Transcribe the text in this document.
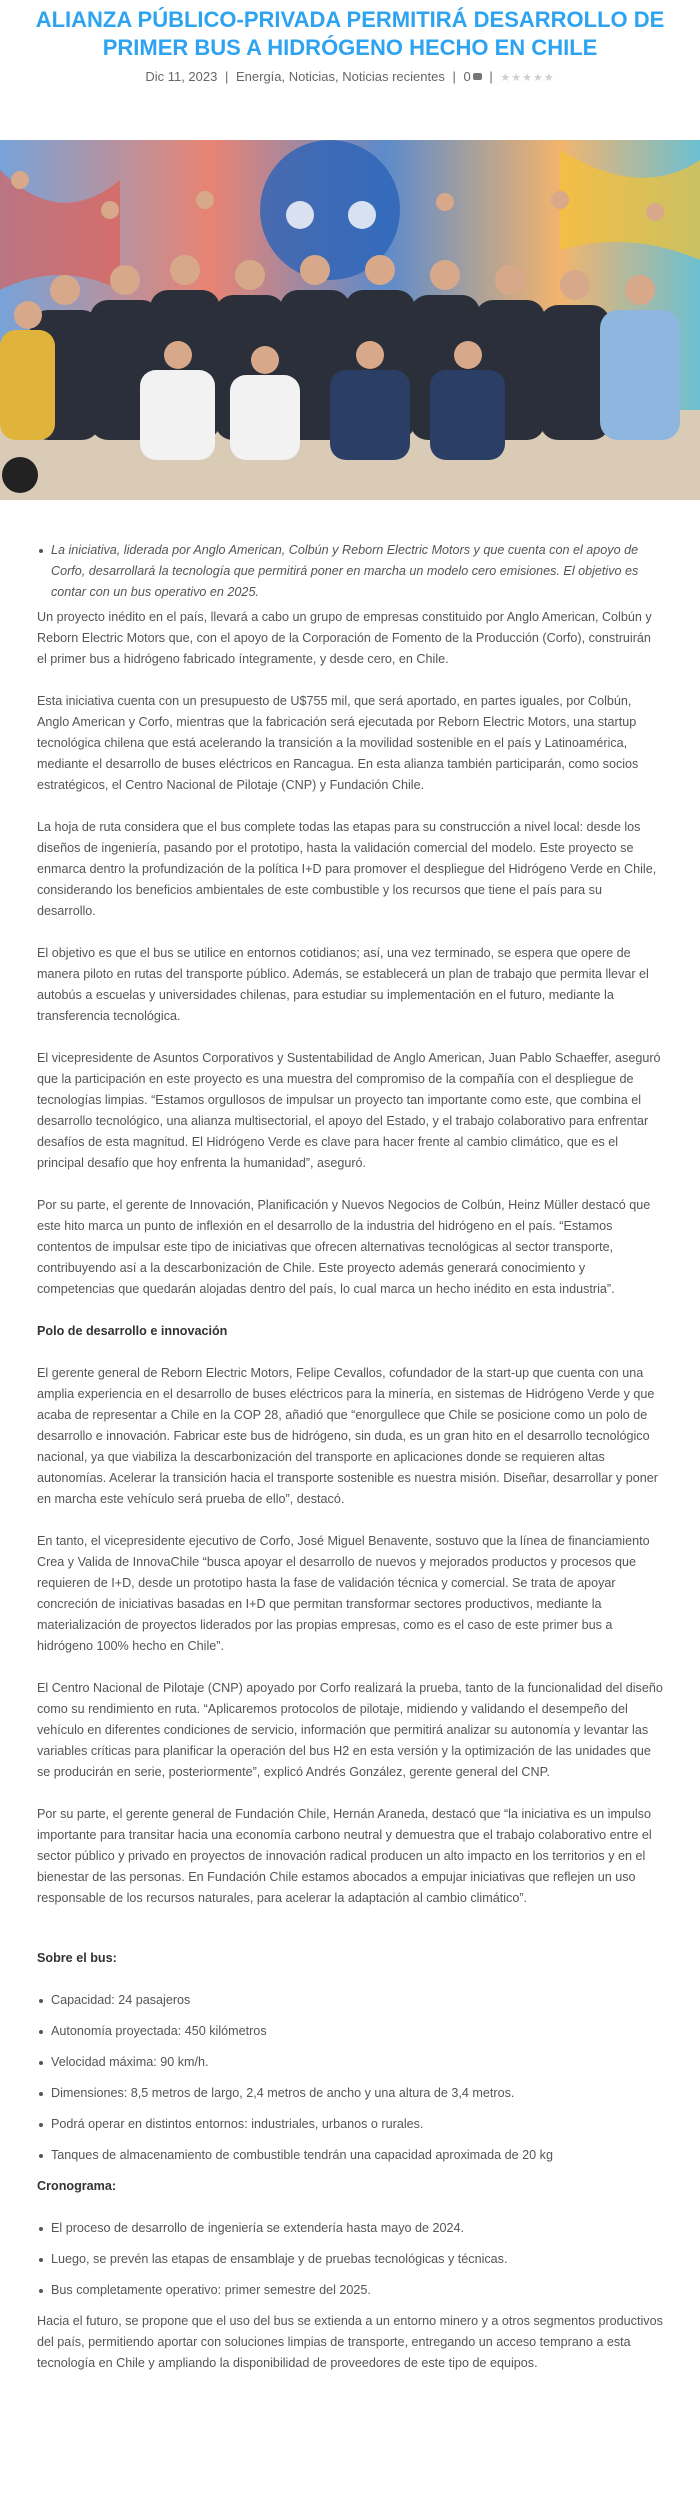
ALIANZA PÚBLICO-PRIVADA PERMITIRÁ DESARROLLO DE PRIMER BUS A HIDRÓGENO HECHO EN CHILE
Dic 11, 2023 | Energía, Noticias, Noticias recientes | 0 | ★★★★★
La iniciativa, liderada por Anglo American, Colbún y Reborn Electric Motors y que cuenta con el apoyo de Corfo, desarrollará la tecnología que permitirá poner en marcha un modelo cero emisiones. El objetivo es contar con un bus operativo en 2025.

Un proyecto inédito en el país, llevará a cabo un grupo de empresas constituido por Anglo American, Colbún y Reborn Electric Motors que, con el apoyo de la Corporación de Fomento de la Producción (Corfo), construirán el primer bus a hidrógeno fabricado íntegramente, y desde cero, en Chile.

Esta iniciativa cuenta con un presupuesto de U$755 mil, que será aportado, en partes iguales, por Colbún, Anglo American y Corfo, mientras que la fabricación será ejecutada por Reborn Electric Motors, una startup tecnológica chilena que está acelerando la transición a la movilidad sostenible en el país y Latinoamérica, mediante el desarrollo de buses eléctricos en Rancagua. En esta alianza también participarán, como socios estratégicos, el Centro Nacional de Pilotaje (CNP) y Fundación Chile.

La hoja de ruta considera que el bus complete todas las etapas para su construcción a nivel local: desde los diseños de ingeniería, pasando por el prototipo, hasta la validación comercial del modelo. Este proyecto se enmarca dentro la profundización de la política I+D para promover el despliegue del Hidrógeno Verde en Chile, considerando los beneficios ambientales de este combustible y los recursos que tiene el país para su desarrollo.

El objetivo es que el bus se utilice en entornos cotidianos; así, una vez terminado, se espera que opere de manera piloto en rutas del transporte público. Además, se establecerá un plan de trabajo que permita llevar el autobús a escuelas y universidades chilenas, para estudiar su implementación en el futuro, mediante la transferencia tecnológica.

El vicepresidente de Asuntos Corporativos y Sustentabilidad de Anglo American, Juan Pablo Schaeffer, aseguró que la participación en este proyecto es una muestra del compromiso de la compañía con el despliegue de tecnologías limpias. “Estamos orgullosos de impulsar un proyecto tan importante como este, que combina el desarrollo tecnológico, una alianza multisectorial, el apoyo del Estado, y el trabajo colaborativo para enfrentar desafíos de esta magnitud. El Hidrógeno Verde es clave para hacer frente al cambio climático, que es el principal desafío que hoy enfrenta la humanidad”, aseguró.

Por su parte, el gerente de Innovación, Planificación y Nuevos Negocios de Colbún, Heinz Müller destacó que este hito marca un punto de inflexión en el desarrollo de la industria del hidrógeno en el país. “Estamos contentos de impulsar este tipo de iniciativas que ofrecen alternativas tecnológicas al sector transporte, contribuyendo así a la descarbonización de Chile. Este proyecto además generará conocimiento y competencias que quedarán alojadas dentro del país, lo cual marca un hecho inédito en esta industria”.

Polo de desarrollo e innovación

El gerente general de Reborn Electric Motors, Felipe Cevallos, cofundador de la start-up que cuenta con una amplia experiencia en el desarrollo de buses eléctricos para la minería, en sistemas de Hidrógeno Verde y que acaba de representar a Chile en la COP 28, añadió que “enorgullece que Chile se posicione como un polo de desarrollo e innovación. Fabricar este bus de hidrógeno, sin duda, es un gran hito en el desarrollo tecnológico nacional, ya que viabiliza la descarbonización del transporte en aplicaciones donde se requieren altas autonomías. Acelerar la transición hacia el transporte sostenible es nuestra misión. Diseñar, desarrollar y poner en marcha este vehículo será prueba de ello”, destacó.

En tanto, el vicepresidente ejecutivo de Corfo, José Miguel Benavente, sostuvo que la línea de financiamiento Crea y Valida de InnovaChile “busca apoyar el desarrollo de nuevos y mejorados productos y procesos que requieren de I+D, desde un prototipo hasta la fase de validación técnica y comercial. Se trata de apoyar concreción de iniciativas basadas en I+D que permitan transformar sectores productivos, mediante la materialización de proyectos liderados por las propias empresas, como es el caso de este primer bus a hidrógeno 100% hecho en Chile”.

El Centro Nacional de Pilotaje (CNP) apoyado por Corfo realizará la prueba, tanto de la funcionalidad del diseño como su rendimiento en ruta. “Aplicaremos protocolos de pilotaje, midiendo y validando el desempeño del vehículo en diferentes condiciones de servicio, información que permitirá analizar su autonomía y levantar las variables críticas para planificar la operación del bus H2 en esta versión y la optimización de las unidades que se producirán en serie, posteriormente”, explicó Andrés González, gerente general del CNP.

Por su parte, el gerente general de Fundación Chile, Hernán Araneda, destacó que “la iniciativa es un impulso importante para transitar hacia una economía carbono neutral y demuestra que el trabajo colaborativo entre el sector público y privado en proyectos de innovación radical producen un alto impacto en los territorios y en el bienestar de las personas. En Fundación Chile estamos abocados a empujar iniciativas que reflejen un uso responsable de los recursos naturales, para acelerar la adaptación al cambio climático”.

Sobre el bus:

Capacidad: 24 pasajeros
Autonomía proyectada: 450 kilómetros
Velocidad máxima: 90 km/h.
Dimensiones: 8,5 metros de largo, 2,4 metros de ancho y una altura de 3,4 metros.
Podrá operar en distintos entornos: industriales, urbanos o rurales.
Tanques de almacenamiento de combustible tendrán una capacidad aproximada de 20 kg

Cronograma:

El proceso de desarrollo de ingeniería se extendería hasta mayo de 2024.
Luego, se prevén las etapas de ensamblaje y de pruebas tecnológicas y técnicas.
Bus completamente operativo: primer semestre del 2025.

Hacia el futuro, se propone que el uso del bus se extienda a un entorno minero y a otros segmentos productivos del país, permitiendo aportar con soluciones limpias de transporte, entregando un acceso temprano a esta tecnología en Chile y ampliando la disponibilidad de proveedores de este tipo de equipos.
